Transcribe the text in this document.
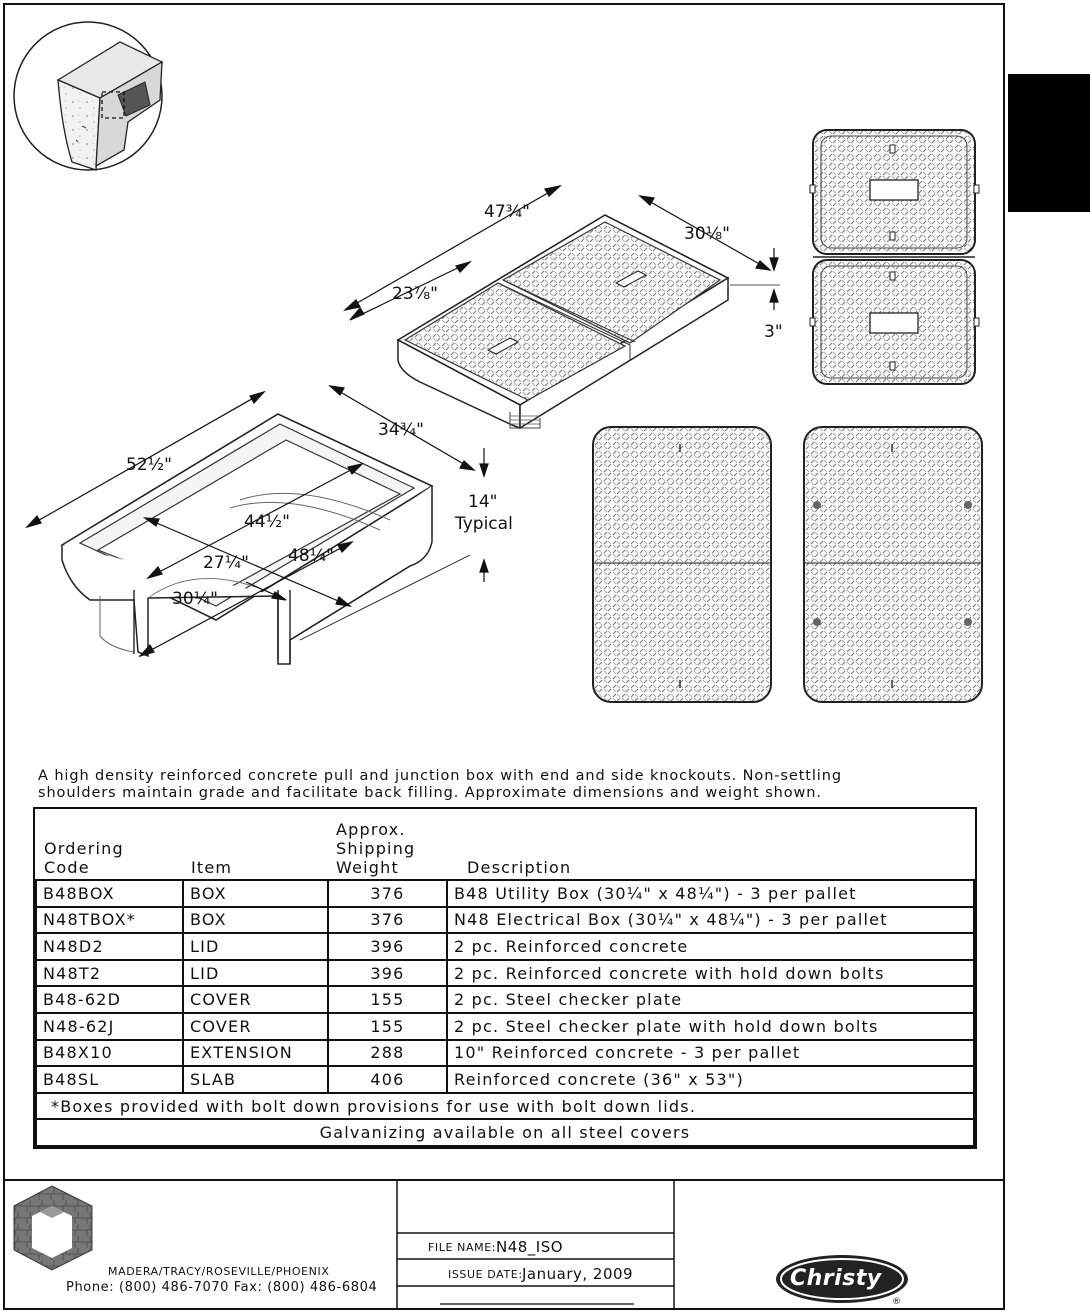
47¾"
30⅛"
23⅞"
3"
52½"
34¾"
14"
Typical
44½"
27¼" 48¼"
30¼"
A high density reinforced concrete pull and junction box with end and side knockouts. Non-settling shoulders maintain grade and facilitate back filling. Approximate dimensions and weight shown.
Ordering
Code	Item	Approx.
Shipping
Weight	Description
B48BOX	BOX	376	B48 Utility Box (30¼" x 48¼") - 3 per pallet
N48TBOX*	BOX	376	N48 Electrical Box (30¼" x 48¼") - 3 per pallet
N48D2	LID	396	2 pc. Reinforced concrete
N48T2	LID	396	2 pc. Reinforced concrete with hold down bolts
B48-62D	COVER	155	2 pc. Steel checker plate
N48-62J	COVER	155	2 pc. Steel checker plate with hold down bolts
B48X10	EXTENSION	288	10" Reinforced concrete - 3 per pallet
B48SL	SLAB	406	Reinforced concrete (36" x 53")
*Boxes provided with bolt down provisions for use with bolt down lids.			
Galvanizing available on all steel covers			
MADERA/TRACY/ROSEVILLE/PHOENIX
Phone: (800) 486-7070 Fax: (800) 486-6804
FILE NAME: N48_ISO
ISSUE DATE: January, 2009	Christy
®
